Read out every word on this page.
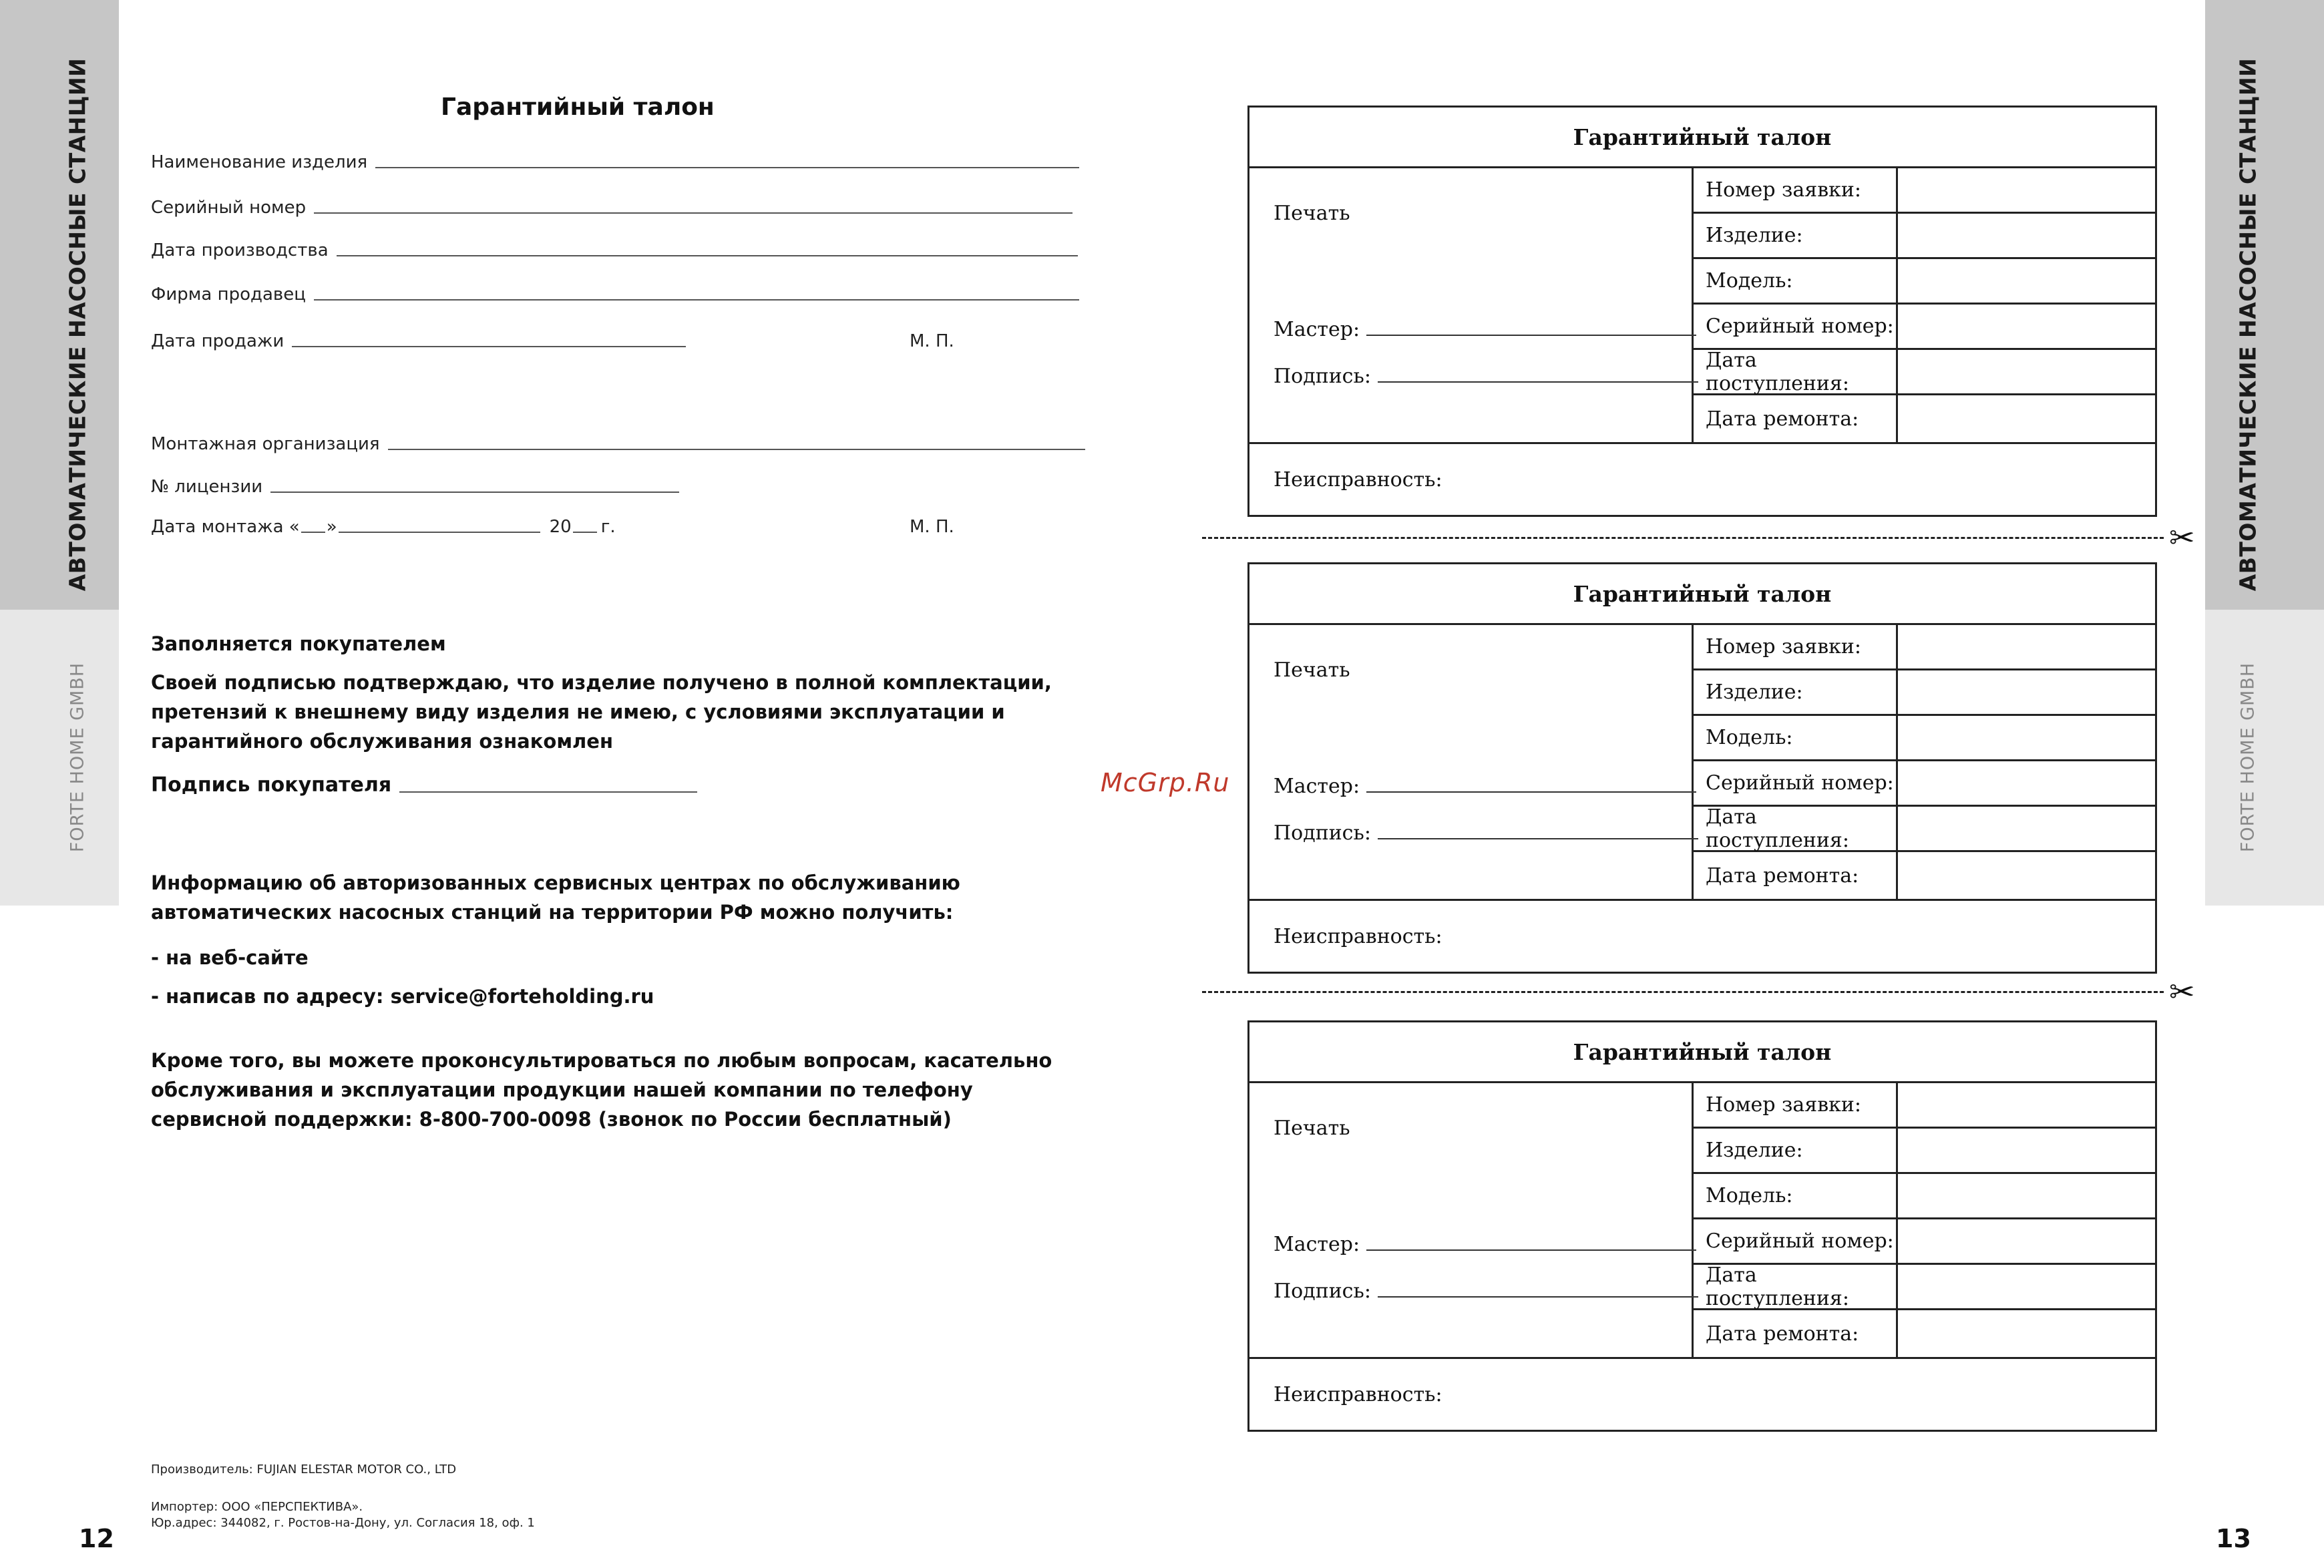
АВТОМАТИЧЕСКИЕ НАСОСНЫЕ СТАНЦИИ
FORTE HOME GMBH
АВТОМАТИЧЕСКИЕ НАСОСНЫЕ СТАНЦИИ
FORTE HOME GMBH
12	13
Гарантийный талон
Наименование изделия
Серийный номер
Дата производства
Фирма продавец
Дата продажи	М. П.
Монтажная организация
№ лицензии
Дата монтажа « »	20 г.	М. П.
Заполняется покупателем
Своей подписью подтверждаю, что изделие получено в полной комплектации, претензий к внешнему виду изделия не имею, с условиями эксплуатации и гарантийного обслуживания ознакомлен
Подпись покупателя
Информацию об авторизованных сервисных центрах по обслуживанию автоматических насосных станций на территории РФ можно получить:
- на веб-сайте
- написав по адресу: service@forteholding.ru
Кроме того, вы можете проконсультироваться по любым вопросам, касательно обслуживания и эксплуатации продукции нашей компании по телефону сервисной поддержки: 8-800-700-0098 (звонок по России бесплатный)
Производитель: FUJIAN ELESTAR MOTOR CO., LTD
Импортер: ООО «ПЕРСПЕКТИВА».
Юр.адрес: 344082, г. Ростов-на-Дону, ул. Согласия 18, оф. 1
McGrp.Ru
Гарантийный талон
Печать
Мастер:
Подпись:
Номер заявки:
Изделие:
Модель:
Серийный номер:
Дата поступления:
Дата ремонта:
Неисправность:
✂
Гарантийный талон
Печать
Мастер:
Подпись:
Номер заявки:
Изделие:
Модель:
Серийный номер:
Дата поступления:
Дата ремонта:
Неисправность:
✂
Гарантийный талон
Печать
Мастер:
Подпись:
Номер заявки:
Изделие:
Модель:
Серийный номер:
Дата поступления:
Дата ремонта:
Неисправность:
